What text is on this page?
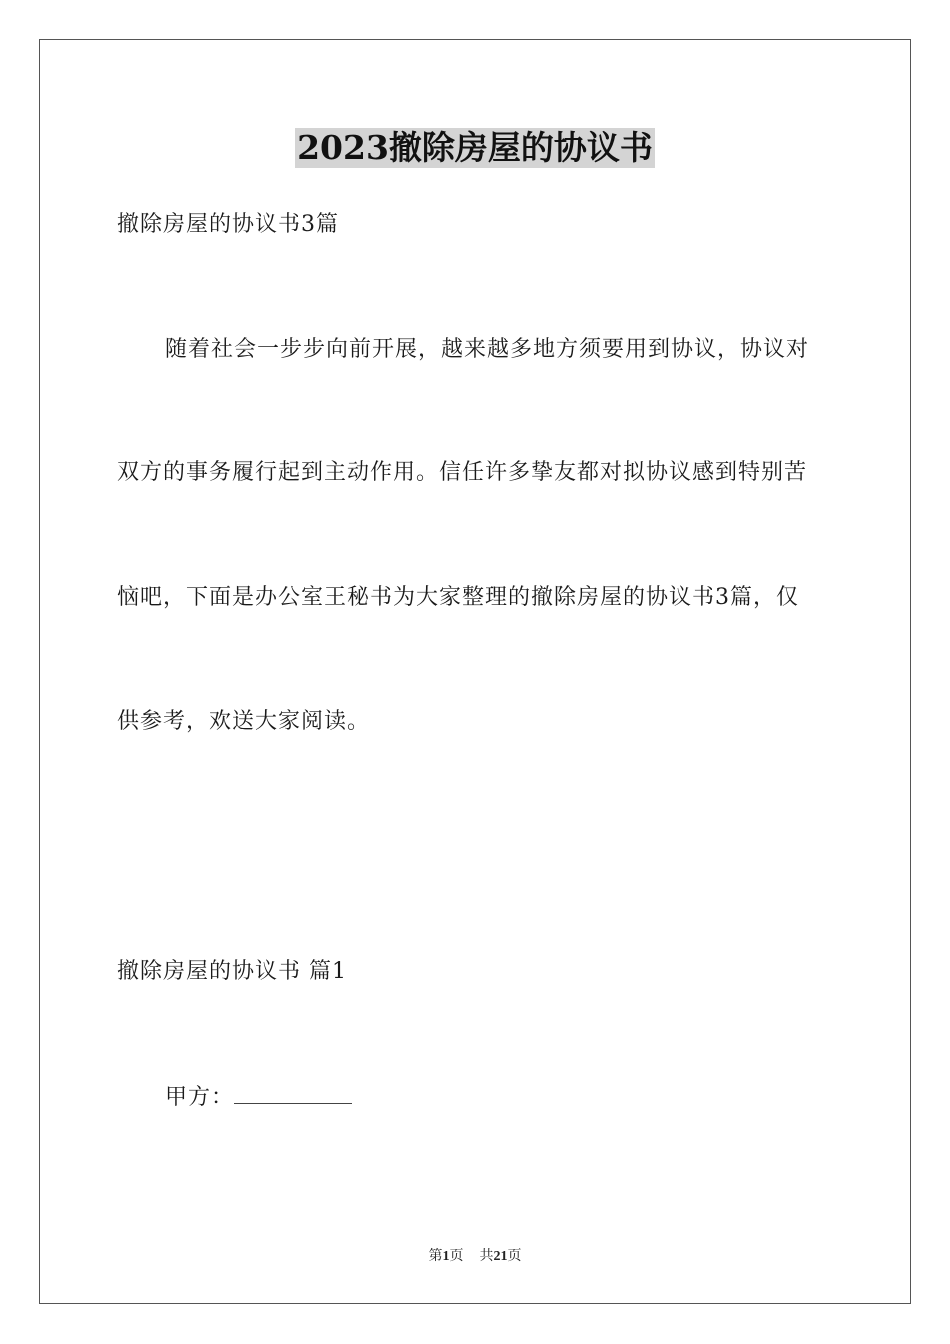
2023撤除房屋的协议书
撤除房屋的协议书3篇
随着社会一步步向前开展，越来越多地方须要用到协议，协议对
双方的事务履行起到主动作用。信任许多挚友都对拟协议感到特别苦
恼吧，下面是办公室王秘书为大家整理的撤除房屋的协议书3篇，仅
供参考，欢送大家阅读。
撤除房屋的协议书 篇1
甲方：
第1页 共21页
